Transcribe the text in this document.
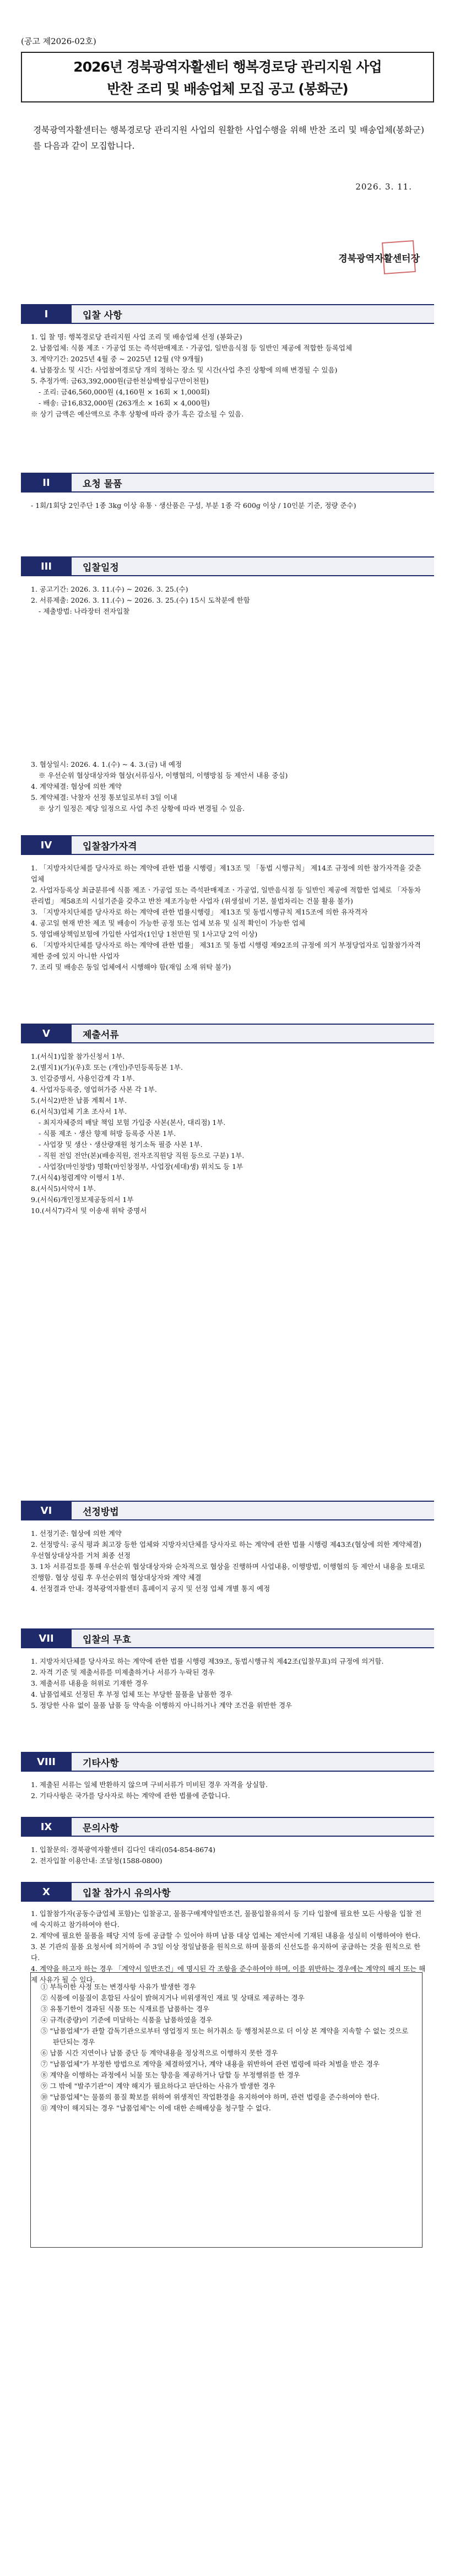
(공고 제2026-02호)
2026년 경북광역자활센터 행복경로당 관리지원 사업
반찬 조리 및 배송업체 모집 공고 (봉화군)
경북광역자활센터는 행복경로당 관리지원 사업의 원활한 사업수행을 위해 반찬 조리 및 배송업체(봉화군)를 다음과 같이 모집합니다.
2026. 3. 11.
경북광역자활센터장
I	입찰 사항

1. 입 찰 명: 행복경로당 관리지원 사업 조리 및 배송업체 선정 (봉화군)

2. 납품업체: 식품 제조ㆍ가공업 또는 즉석판매제조ㆍ가공업, 일반음식점 등 일반인 제공에 적합한 등록업체

3. 계약기간: 2025년 4월 중 ~ 2025년 12월 (약 9개월)

4. 납품장소 및 시간: 사업참여경로당 개의 정하는 장소 및 시간(사업 추진 상황에 의해 변경될 수 있음)

5. 추정가액: 금63,392,000원(금한천삼백쌍십구만이천원)

- 조리: 금46,560,000원 (4,160원 × 16회 × 1,000회)

- 배송: 금16,832,000원 (263개소 × 16회 × 4,000원)

※ 상기 금액은 예산액으로 추후 상황에 따라 증가 혹은 감소될 수 있음.

II	요청 물품

- 1회/1회당 2인주단 1종 3kg 이상 유통ㆍ생산품은 구성, 부분 1종 각 600g 이상 / 10인분 기준, 정량 준수)

III	입찰일정

1. 공고기간: 2026. 3. 11.(수) ~ 2026. 3. 25.(수)

2. 서류제출: 2026. 3. 11.(수) ~ 2026. 3. 25.(수) 15시 도착분에 한함

- 제출방법: 나라장터 전자입찰

3. 협상일시: 2026. 4. 1.(수) ~ 4. 3.(금) 내 예정

※ 우선순위 협상대상자와 협상(서류심사, 이행협의, 이행방침 등 제안서 내용 중심)

4. 계약체결: 협상에 의한 계약

5. 계약체결: 낙찰자 선정 통보일로부터 3일 이내

※ 상기 일정은 제당 일정으로 사업 추진 상황에 따라 변경될 수 있음.

IV	입찰참가자격

1. 「지방자치단체를 당사자로 하는 계약에 관한 법률 시행령」제13조 및 「동법 시행규칙」 제14조 규정에 의한 참가자격을 갖춘 업체

2. 사업자등록상 최급분류에 식품 제조ㆍ가공업 또는 즉석판매제조ㆍ가공업, 일반음식점 등 일반인 제공에 적합한 업체로 「자동차관리법」 제58조의 시설기준을 갖추고 반찬 제조가능한 사업자 (위생설비 기본, 불법차리는 건물 활용 불가)

3. 「지방자치단체를 당사자로 하는 계약에 관한 법률시행령」 제13조 및 동법시행규칙 제15조에 의한 유자격자

4. 공고일 현재 반찬 제조 및 배송이 가능한 공정 또는 업체 보유 및 실적 확인이 가능한 업체

5. 영업배상책임보험에 가입한 사업자(1인당 1천만원 및 1사고당 2억 이상)

6. 「지방자치단체를 당사자로 하는 계약에 관한 법률」 제31조 및 동법 시행령 제92조의 규정에 의거 부정당업자로 입찰참가자격 제한 중에 있지 아니한 사업자

7. 조리 및 배송은 동일 업체에서 시행해야 함(재임 소재 위탁 불가)

V	제출서류

1.(서식1)입찰 참가신청서 1부.

2.(별지1)(가)(우)호 또는 (개인)주민등록등본 1부.

3. 인감증명서, 사용인감계 각 1부.

4. 사업자등록증, 영업허가증 사본 각 1부.

5.(서식2)반찬 납품 계획서 1부.

6.(서식3)업체 기초 조사서 1부.

- 최지자체증의 배달 책임 보험 가입중 사본(본사, 대리점) 1부.

- 식품 제조ㆍ생산 향제 허방 등록증 사본 1부.

- 사업장 및 생산ㆍ생산량재원 청기소독 필증 사본 1부.

- 직원 전임 전안(본)(배송직원, 전자조직원당 직원 등으로 구분) 1부.

- 사업장(마인창방) 명확(마인창정부, 사업장(세대)생) 위치도 등 1부

7.(서식4)청렴계약 이행서 1부.

8.(서식5)서약서 1부.

9.(서식6)개인정보제공동의서 1부

10.(서식7)각서 및 이송새 위탁 중명서

VI	선정방법

1. 선정기준: 협상에 의한 계약

2. 선정방식: 공식 평과 최고장 등한 업체와 지방자치단체를 당사자로 하는 계약에 관한 법률 시행령 제43조(협상에 의한 계약체결)우선협상대상자를 거쳐 최종 선정

3. 1차 서류검토를 통해 우선순위 협상대상자와 순차적으로 협상을 진행하며 사업내용, 이행방법, 이행협의 등 제안서 내용을 토대로 진행함. 협상 성립 후 우선순위의 협상대상자와 계약 체결

4. 선정결과 안내: 경북광역자활센터 홈페이지 공지 및 선정 업체 개별 통지 예정

VII	입찰의 무효

1. 지방자치단체를 당사자로 하는 계약에 관한 법률 시행령 제39조, 동법시행규칙 제42조(입찰무효)의 규정에 의거함.

2. 자격 기준 및 제출서류를 미제출하거나 서류가 누락된 경우

3. 제출서류 내용을 허위로 기재한 경우

4. 납품업체로 선정된 후 부정 업체 또는 부당한 물품을 납품한 경우

5. 정당한 사유 없이 물품 납품 등 약속을 이행하지 아니하거나 계약 조건을 위반한 경우

VIII	기타사항

1. 제출된 서류는 일체 반환하지 않으며 구비서류가 미비된 경우 자격을 상실함.

2. 기타사항은 국가를 당사자로 하는 계약에 관한 법률에 준합니다.

IX	문의사항

1. 입찰문의: 경북광역자활센터 김다인 대리(054-854-8674)

2. 전자입찰 이용안내: 조달청(1588-0800)

X	입찰 참가시 유의사항

1. 입찰참가자(공동수급업체 포함)는 입찰공고, 물품구매계약일반조건, 물품입찰유의서 등 기타 입찰에 필요한 모든 사항을 입찰 전에 숙지하고 참가하여야 한다.

2. 계약에 필요한 물품을 해당 지역 등에 공급할 수 있어야 하며 납품 대상 업체는 제안서에 기재된 내용을 성실히 이행하여야 한다.

3. 본 기관의 물품 요청서에 의거하여 주 3일 이상 정일납품을 원칙으로 하며 물품의 신선도를 유지하여 공급하는 것을 원칙으로 한다.

4. 계약을 하고자 하는 경우 「계약서 일반조건」에 명시된 각 조항을 준수하여야 하며, 이를 위반하는 경우에는 계약의 해지 또는 해제 사유가 될 수 있다.

① 부득이한 사정 또는 변경사항 사유가 발생한 경우

② 식품에 이물질이 혼합된 사실이 밝혀지거나 비위생적인 재료 및 상태로 제공하는 경우

③ 유통기한이 경과된 식품 또는 식재료를 납품하는 경우

④ 규격(중량)이 기준에 미달하는 식품을 납품하였을 경우

⑤ "납품업체"가 관할 감독기관으로부터 영업정지 또는 허가취소 등 행정처분으로 더 이상 본 계약을 지속할 수 없는 것으로 판단되는 경우

⑥ 납품 시간 지연이나 납품 중단 등 계약내용을 정상적으로 이행하지 못한 경우

⑦ "납품업체"가 부정한 방법으로 계약을 체결하였거나, 계약 내용을 위반하여 관련 법령에 따라 처벌을 받은 경우

⑧ 계약을 이행하는 과정에서 뇌물 또는 향응을 제공하거나 담합 등 부정행위를 한 경우

⑨ 그 밖에 "발주기관"이 계약 해지가 필요하다고 판단하는 사유가 발생한 경우

⑩ "납품업체"는 물품의 품질 확보를 위하여 위생적인 작업환경을 유지하여야 하며, 관련 법령을 준수하여야 한다.

⑪ 계약이 해지되는 경우 "납품업체"는 이에 대한 손해배상을 청구할 수 없다.
